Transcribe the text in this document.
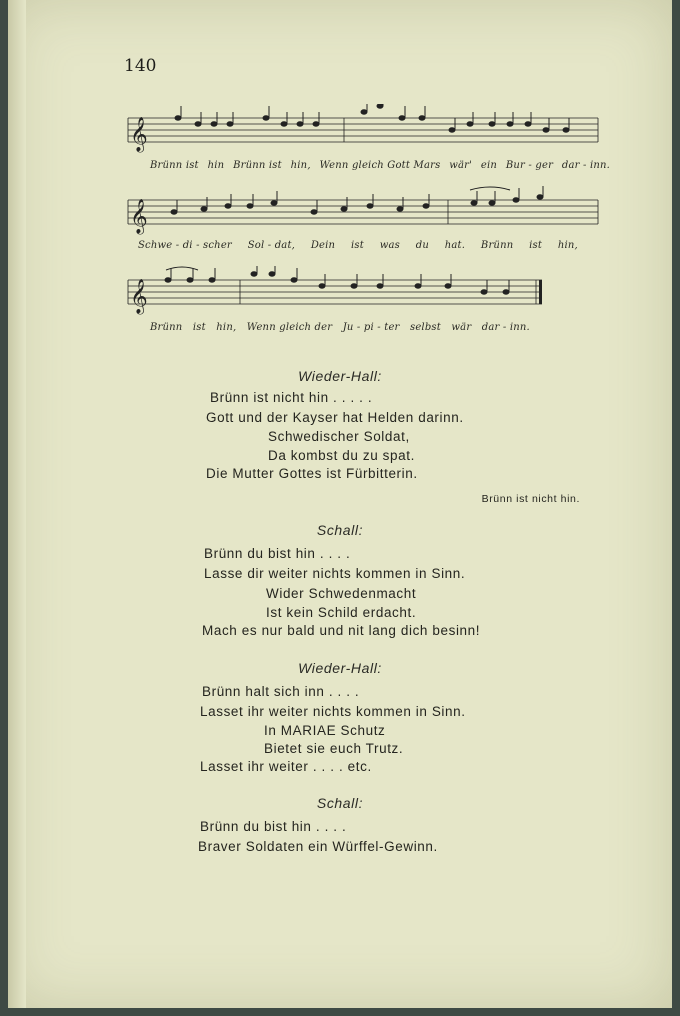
140
𝄞
Brünn ist hin Brünn ist hin, Wenn gleich Gott Mars wär' ein Bur - ger dar - inn.
𝄞
Schwe - di - scher Sol - dat, Dein ist was du hat. Brünn ist hin,
𝄞
Brünn ist hin, Wenn gleich der Ju - pi - ter selbst wär dar - inn.
Wieder-Hall:
Brünn ist nicht hin . . . . .
Gott und der Kayser hat Helden darinn.
Schwedischer Soldat,
Da kombst du zu spat.
Die Mutter Gottes ist Fürbitterin.
Brünn ist nicht hin.
Schall:
Brünn du bist hin . . . .
Lasse dir weiter nichts kommen in Sinn.
Wider Schwedenmacht
Ist kein Schild erdacht.
Mach es nur bald und nit lang dich besinn!
Wieder-Hall:
Brünn halt sich inn . . . .
Lasset ihr weiter nichts kommen in Sinn.
In MARIAE Schutz
Bietet sie euch Trutz.
Lasset ihr weiter . . . . etc.
Schall:
Brünn du bist hin . . . .
Braver Soldaten ein Würffel-Gewinn.
